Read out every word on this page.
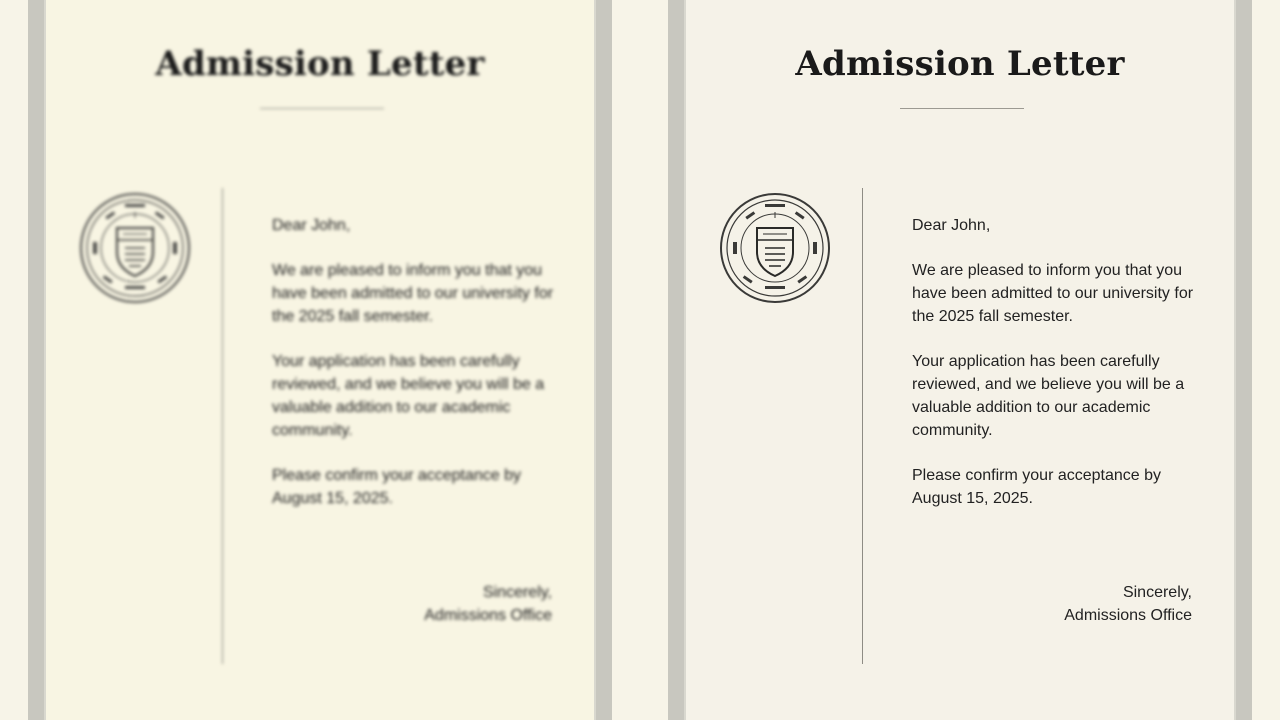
Admission Letter

Dear John,

We are pleased to inform you that you have been admitted to our university for the 2025 fall semester.

Your application has been carefully reviewed, and we believe you will be a valuable addition to our academic community.

Please confirm your acceptance by August 15, 2025.

Sincerely,
Admissions Office
Admission Letter

Dear John,

We are pleased to inform you that you have been admitted to our university for the 2025 fall semester.

Your application has been carefully reviewed, and we believe you will be a valuable addition to our academic community.

Please confirm your acceptance by August 15, 2025.

Sincerely,
Admissions Office
